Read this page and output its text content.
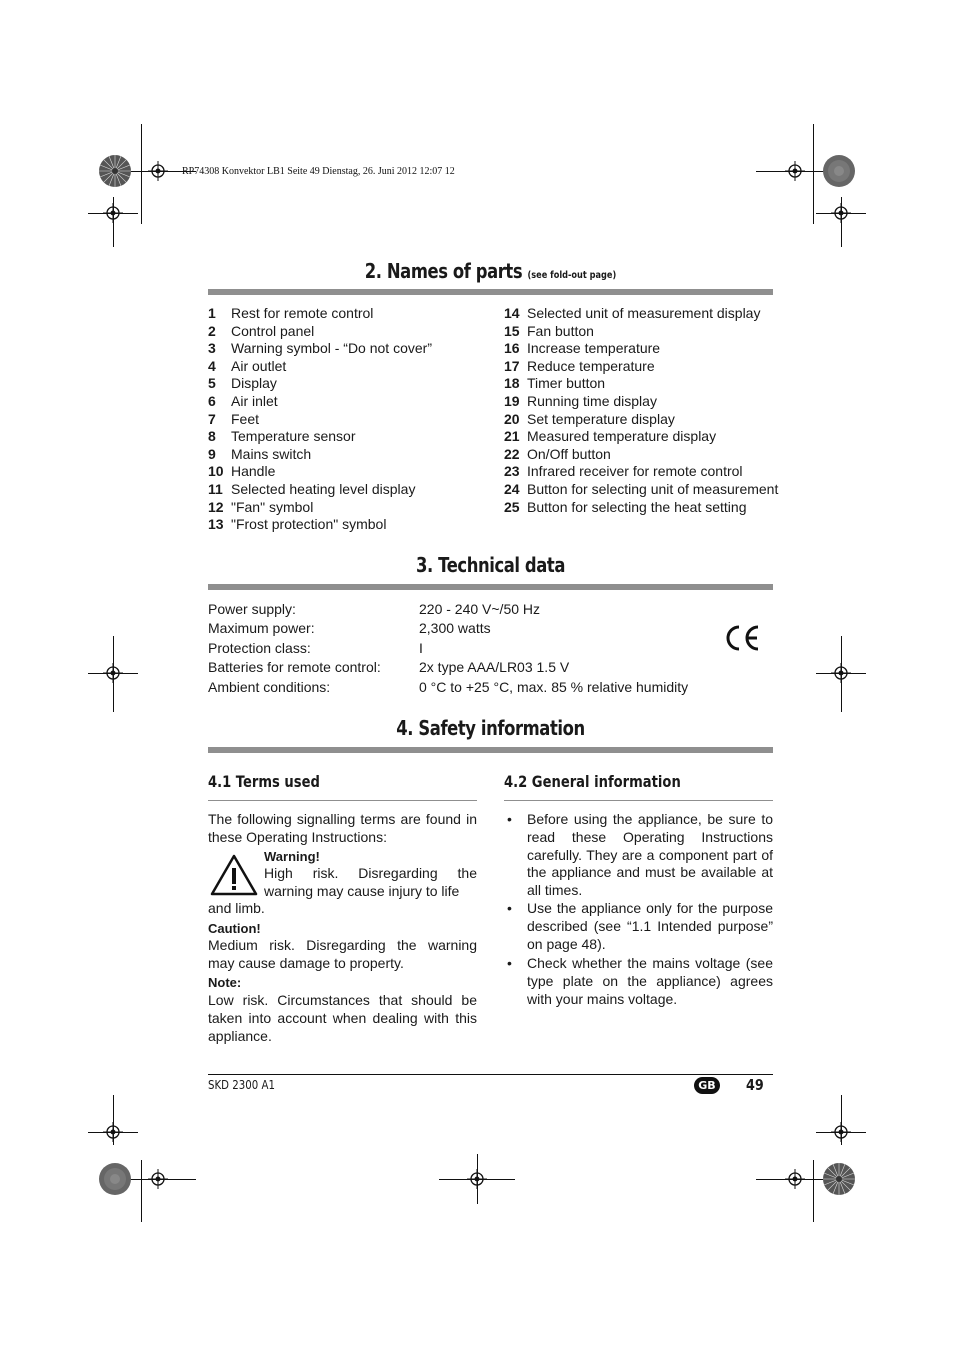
RP74308 Konvektor LB1 Seite 49 Dienstag, 26. Juni 2012 12:07 12
2. Names of parts (see fold-out page)
1 Rest for remote control
2 Control panel
3 Warning symbol - “Do not cover”
4 Air outlet
5 Display
6 Air inlet
7 Feet
8 Temperature sensor
9 Mains switch
10 Handle
11 Selected heating level display
12 "Fan" symbol
13 "Frost protection" symbol
14 Selected unit of measurement display
15 Fan button
16 Increase temperature
17 Reduce temperature
18 Timer button
19 Running time display
20 Set temperature display
21 Measured temperature display
22 On/Off button
23 Infrared receiver for remote control
24 Button for selecting unit of measurement
25 Button for selecting the heat setting
3. Technical data
Power supply:	220 - 240 V~/50 Hz
Maximum power:	2,300 watts
Protection class:	I
Batteries for remote control:	2x type AAA/LR03 1.5 V
Ambient conditions:	0 °C to +25 °C, max. 85 % relative humidity
4. Safety information
4.1 Terms used
The following signalling terms are found in these Operating Instructions:
Warning!
High risk. Disregarding the warning may cause injury to life
and limb.
Caution!
Medium risk. Disregarding the warning may cause damage to property.
Note:
Low risk. Circumstances that should be taken into account when dealing with this appliance.
4.2 General information
• Before using the appliance, be sure to read these Operating Instructions carefully. They are a component part of the appliance and must be available at all times.
• Use the appliance only for the purpose described (see “1.1 Intended purpose” on page 48).
• Check whether the mains voltage (see type plate on the appliance) agrees with your mains voltage.
SKD 2300 A1	GB 49
